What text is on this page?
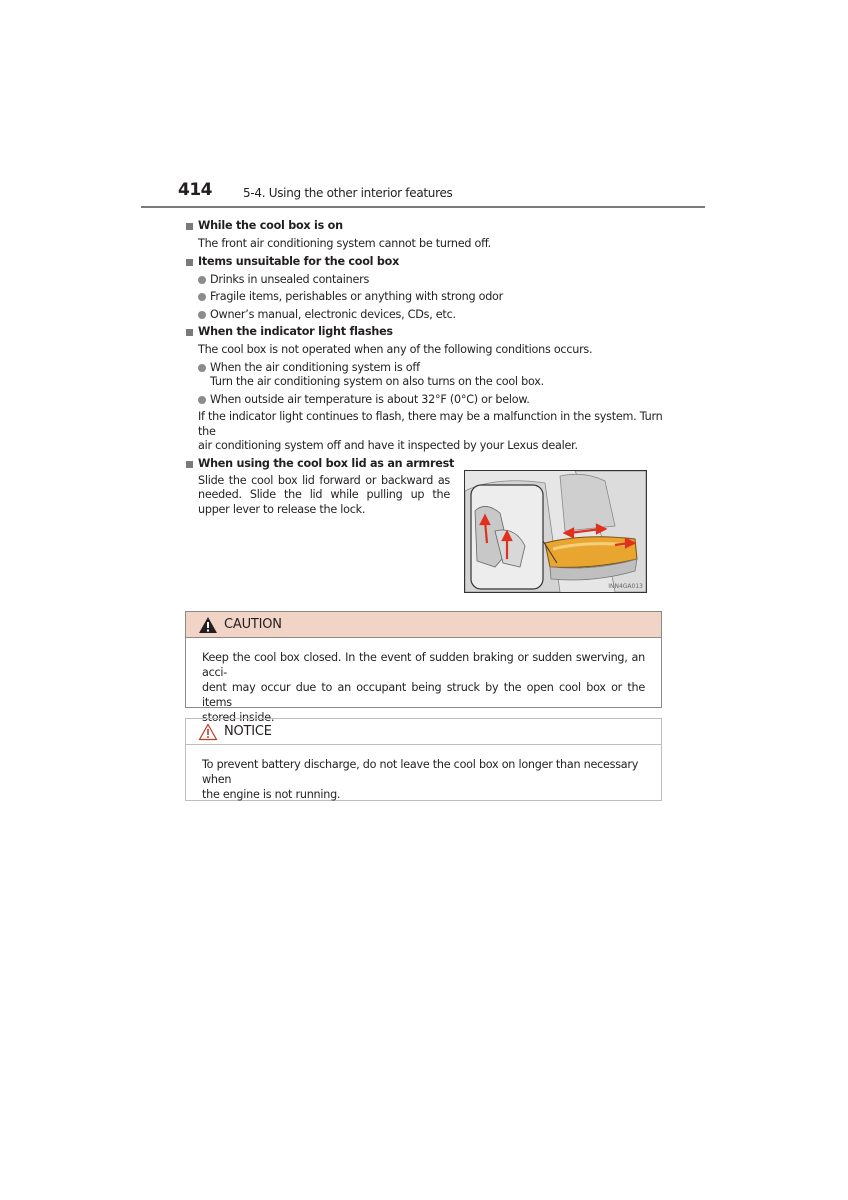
414	5-4. Using the other interior features
While the cool box is on
The front air conditioning system cannot be turned off.
Items unsuitable for the cool box
Drinks in unsealed containers
Fragile items, perishables or anything with strong odor
Owner’s manual, electronic devices, CDs, etc.
When the indicator light flashes
The cool box is not operated when any of the following conditions occurs.
When the air conditioning system is off
Turn the air conditioning system on also turns on the cool box.
When outside air temperature is about 32°F (0°C) or below.
If the indicator light continues to flash, there may be a malfunction in the system. Turn the
air conditioning system off and have it inspected by your Lexus dealer.
When using the cool box lid as an armrest
Slide the cool box lid forward or backward as needed. Slide the lid while pulling up the upper lever to release the lock.
INN4GA013
CAUTION
Keep the cool box closed. In the event of sudden braking or sudden swerving, an acci-
dent may occur due to an occupant being struck by the open cool box or the items
stored inside.
NOTICE
To prevent battery discharge, do not leave the cool box on longer than necessary when
the engine is not running.
